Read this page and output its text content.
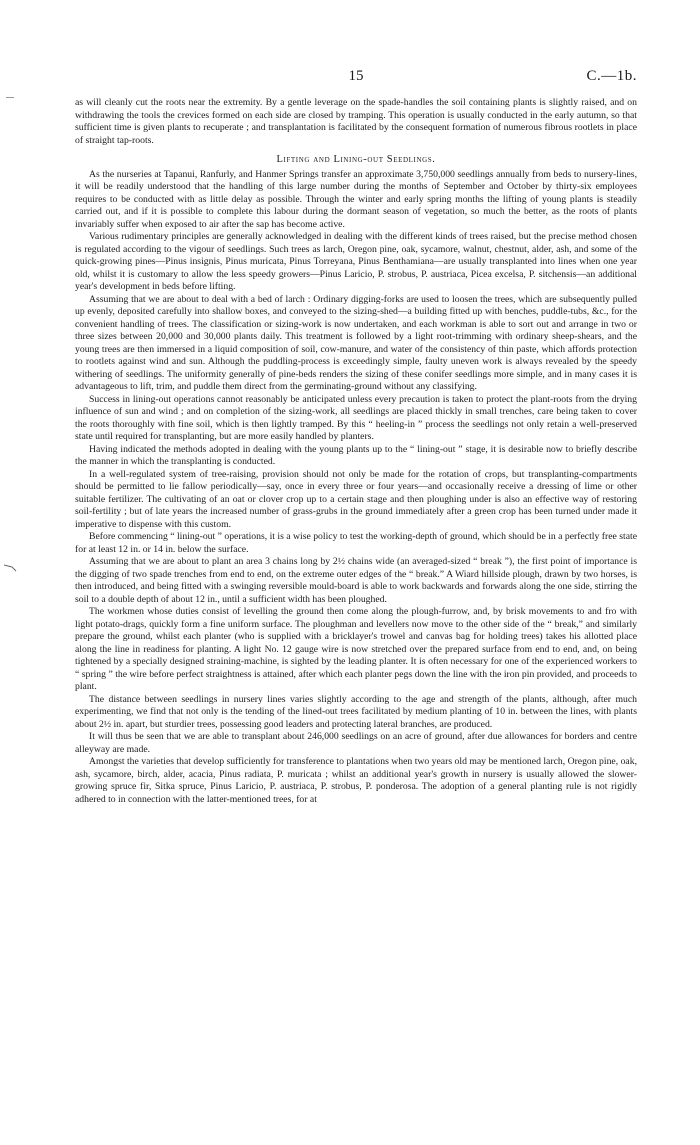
15	C.—1b.

as will cleanly cut the roots near the extremity. By a gentle leverage on the spade-handles the soil containing plants is slightly raised, and on withdrawing the tools the crevices formed on each side are closed by tramping. This operation is usually conducted in the early autumn, so that sufficient time is given plants to recuperate ; and transplantation is facilitated by the consequent formation of numerous fibrous rootlets in place of straight tap-roots.

Lifting and Lining-out Seedlings.

As the nurseries at Tapanui, Ranfurly, and Hanmer Springs transfer an approximate 3,750,000 seedlings annually from beds to nursery-lines, it will be readily understood that the handling of this large number during the months of September and October by thirty-six employees requires to be conducted with as little delay as possible. Through the winter and early spring months the lifting of young plants is steadily carried out, and if it is possible to complete this labour during the dormant season of vegetation, so much the better, as the roots of plants invariably suffer when exposed to air after the sap has become active.

Various rudimentary principles are generally acknowledged in dealing with the different kinds of trees raised, but the precise method chosen is regulated according to the vigour of seedlings. Such trees as larch, Oregon pine, oak, sycamore, walnut, chestnut, alder, ash, and some of the quick-growing pines—Pinus insignis, Pinus muricata, Pinus Torreyana, Pinus Benthamiana—are usually transplanted into lines when one year old, whilst it is customary to allow the less speedy growers—Pinus Laricio, P. strobus, P. austriaca, Picea excelsa, P. sitchensis—an additional year's development in beds before lifting.

Assuming that we are about to deal with a bed of larch : Ordinary digging-forks are used to loosen the trees, which are subsequently pulled up evenly, deposited carefully into shallow boxes, and conveyed to the sizing-shed—a building fitted up with benches, puddle-tubs, &c., for the convenient handling of trees. The classification or sizing-work is now undertaken, and each workman is able to sort out and arrange in two or three sizes between 20,000 and 30,000 plants daily. This treatment is followed by a light root-trimming with ordinary sheep-shears, and the young trees are then immersed in a liquid composition of soil, cow-manure, and water of the consistency of thin paste, which affords protection to rootlets against wind and sun. Although the puddling-process is exceedingly simple, faulty uneven work is always revealed by the speedy withering of seedlings. The uniformity generally of pine-beds renders the sizing of these conifer seedlings more simple, and in many cases it is advantageous to lift, trim, and puddle them direct from the germinating-ground without any classifying.

Success in lining-out operations cannot reasonably be anticipated unless every precaution is taken to protect the plant-roots from the drying influence of sun and wind ; and on completion of the sizing-work, all seedlings are placed thickly in small trenches, care being taken to cover the roots thoroughly with fine soil, which is then lightly tramped. By this “ heeling-in ” process the seedlings not only retain a well-preserved state until required for transplanting, but are more easily handled by planters.

Having indicated the methods adopted in dealing with the young plants up to the “ lining-out ” stage, it is desirable now to briefly describe the manner in which the transplanting is conducted.

In a well-regulated system of tree-raising, provision should not only be made for the rotation of crops, but transplanting-compartments should be permitted to lie fallow periodically—say, once in every three or four years—and occasionally receive a dressing of lime or other suitable fertilizer. The cultivating of an oat or clover crop up to a certain stage and then ploughing under is also an effective way of restoring soil-fertility ; but of late years the increased number of grass-grubs in the ground immediately after a green crop has been turned under made it imperative to dispense with this custom.

Before commencing “ lining-out ” operations, it is a wise policy to test the working-depth of ground, which should be in a perfectly free state for at least 12 in. or 14 in. below the surface.

Assuming that we are about to plant an area 3 chains long by 2½ chains wide (an averaged-sized “ break ”), the first point of importance is the digging of two spade trenches from end to end, on the extreme outer edges of the “ break.” A Wiard hillside plough, drawn by two horses, is then introduced, and being fitted with a swinging reversible mould-board is able to work backwards and forwards along the one side, stirring the soil to a double depth of about 12 in., until a sufficient width has been ploughed.

The workmen whose duties consist of levelling the ground then come along the plough-furrow, and, by brisk movements to and fro with light potato-drags, quickly form a fine uniform surface. The ploughman and levellers now move to the other side of the “ break,” and similarly prepare the ground, whilst each planter (who is supplied with a bricklayer's trowel and canvas bag for holding trees) takes his allotted place along the line in readiness for planting. A light No. 12 gauge wire is now stretched over the prepared surface from end to end, and, on being tightened by a specially designed straining-machine, is sighted by the leading planter. It is often necessary for one of the experienced workers to “ spring ” the wire before perfect straightness is attained, after which each planter pegs down the line with the iron pin provided, and proceeds to plant.

The distance between seedlings in nursery lines varies slightly according to the age and strength of the plants, although, after much experimenting, we find that not only is the tending of the lined-out trees facilitated by medium planting of 10 in. between the lines, with plants about 2½ in. apart, but sturdier trees, possessing good leaders and protecting lateral branches, are produced.

It will thus be seen that we are able to transplant about 246,000 seedlings on an acre of ground, after due allowances for borders and centre alleyway are made.

Amongst the varieties that develop sufficiently for transference to plantations when two years old may be mentioned larch, Oregon pine, oak, ash, sycamore, birch, alder, acacia, Pinus radiata, P. muricata ; whilst an additional year's growth in nursery is usually allowed the slower-growing spruce fir, Sitka spruce, Pinus Laricio, P. austriaca, P. strobus, P. ponderosa. The adoption of a general planting rule is not rigidly adhered to in connection with the latter-mentioned trees, for at
